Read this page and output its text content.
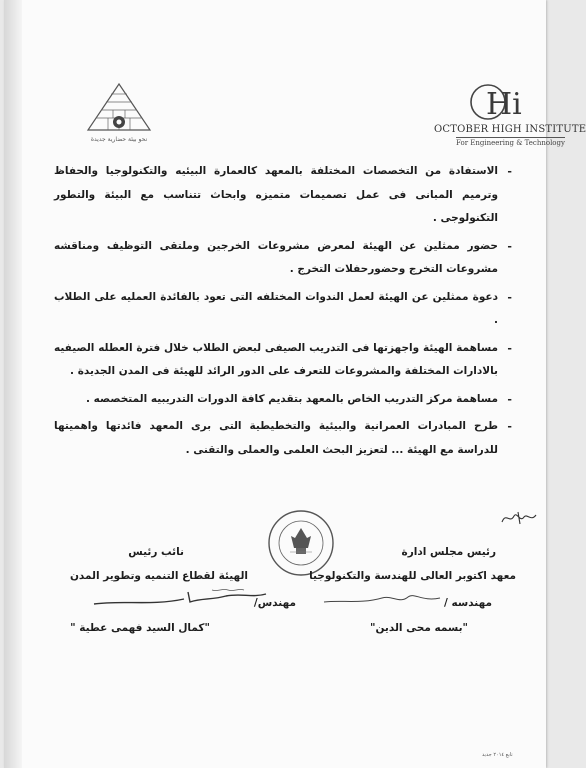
نحو بيئة حضارية جديدة
Hi
OCTOBER HIGH INSTITUTE
For Engineering & Technology
-
الاستفادة من التخصصات المختلفة بالمعهد كالعمارة البيئيه والتكنولوجيا والحفاظ وترميم المبانى فى عمل تصميمات متميزه وابحاث تتناسب مع البيئة والتطور التكنولوجى .
-
حضور ممثلين عن الهيئة لمعرض مشروعات الخرجين وملتقى التوظيف ومناقشه مشروعات التخرج وحضورحفلات التخرج .
-
دعوة ممثلين عن الهيئة لعمل الندوات المختلفه التى تعود بالفائدة العمليه على الطلاب .
-
مساهمة الهيئة واجهزتها فى التدريب الصيفى لبعض الطلاب خلال فترة العطله الصيفيه بالادارات المختلفة والمشروعات للتعرف على الدور الرائد للهيئة فى المدن الجديدة .
-
مساهمة مركز التدريب الخاص بالمعهد بتقديم كافة الدورات التدريبيه المتخصصه .
-
طرح المبادرات العمرانية والبيئية والتخطيطية التى برى المعهد فائدتها واهميتها للدراسة مع الهيئة ... لتعزيز البحث العلمى والعملى والتقنى .
رئيس مجلس ادارة
معهد اكتوبر العالى للهندسة والتكنولوجيا
مهندسه /
"بسمه محى الدين"
نائب رئيس
الهيئة لقطاع التنميه وتطوير المدن
مهندس/
"كمال السيد فهمى عطية "
تابع ٢٠١٤ جديد
